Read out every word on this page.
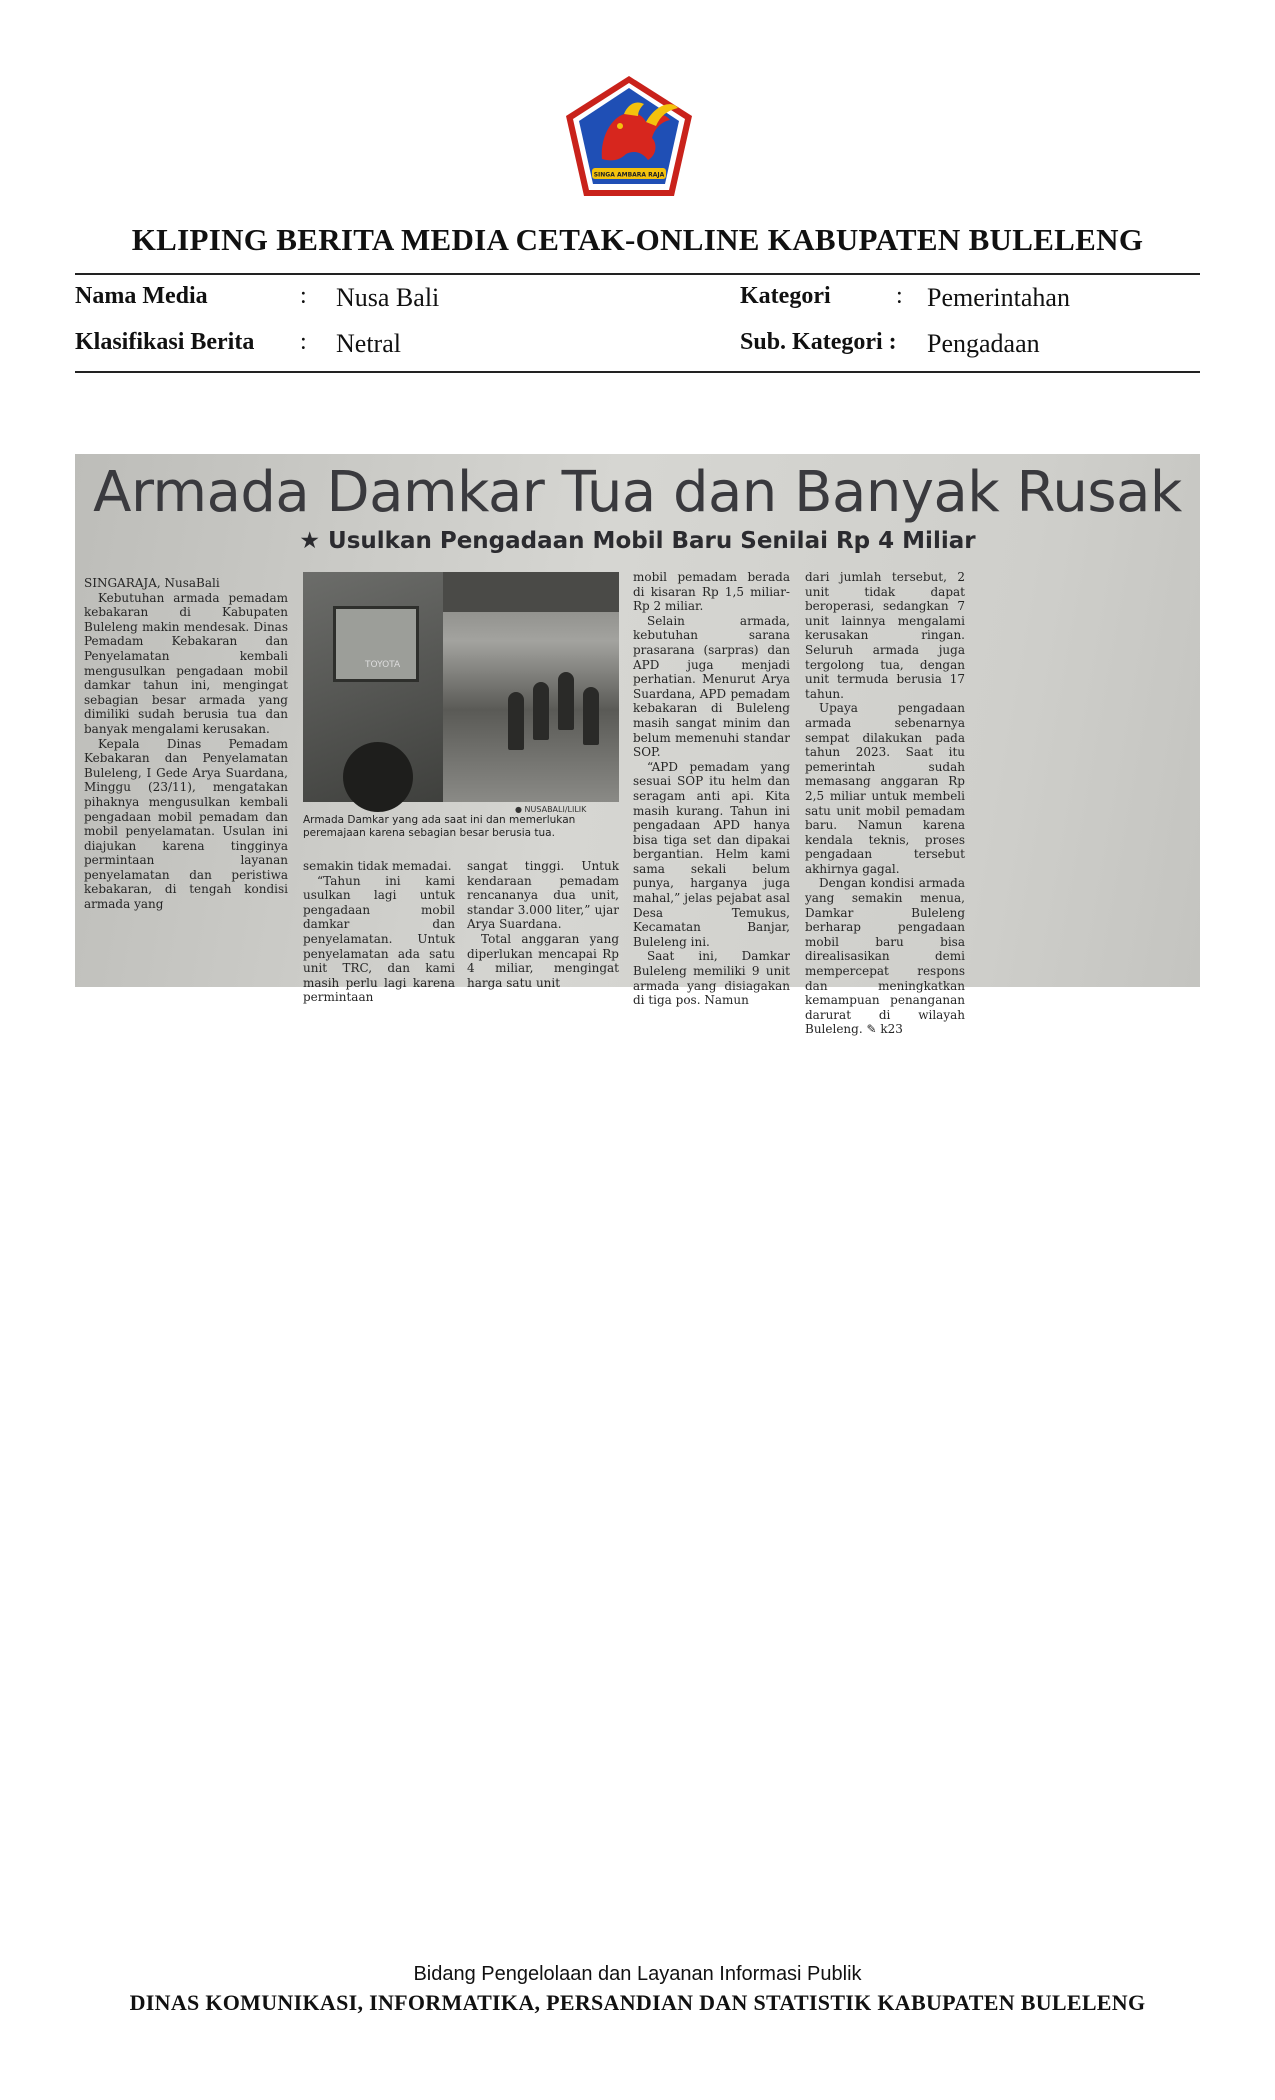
SINGA AMBARA RAJA
KLIPING BERITA MEDIA CETAK-ONLINE KABUPATEN BULELENG
Nama Media	: Nusa Bali	Kategori	: Pemerintahan
Klasifikasi Berita : Netral	Sub. Kategori : Pengadaan
Armada Damkar Tua dan Banyak Rusak
★ Usulkan Pengadaan Mobil Baru Senilai Rp 4 Miliar

SINGARAJA, NusaBali

Kebutuhan armada pemadam kebakaran di Kabupaten Buleleng makin mendesak. Dinas Pemadam Kebakaran dan Penyelamatan kembali mengusulkan pengadaan mobil damkar tahun ini, mengingat sebagian besar armada yang dimiliki sudah berusia tua dan banyak mengalami kerusakan.

Kepala Dinas Pemadam Kebakaran dan Penyelamatan Buleleng, I Gede Arya Suardana, Minggu (23/11), mengatakan pihaknya mengusulkan kembali pengadaan mobil pemadam dan mobil penyelamatan. Usulan ini diajukan karena tingginya permintaan layanan penyelamatan dan peristiwa kebakaran, di tengah kondisi armada yang

TOYOTA
● NUSABALI/LILIK
Armada Damkar yang ada saat ini dan memerlukan peremajaan karena sebagian besar berusia tua.

semakin tidak memadai.

“Tahun ini kami usulkan lagi untuk pengadaan mobil damkar dan penyelamatan. Untuk penyelamatan ada satu unit TRC, dan kami masih perlu lagi karena permintaan

sangat tinggi. Untuk kendaraan pemadam rencananya dua unit, standar 3.000 liter,” ujar Arya Suardana.

Total anggaran yang diperlukan mencapai Rp 4 miliar, mengingat harga satu unit

mobil pemadam berada di kisaran Rp 1,5 miliar-Rp 2 miliar.

Selain armada, kebutuhan sarana prasarana (sarpras) dan APD juga menjadi perhatian. Menurut Arya Suardana, APD pemadam kebakaran di Buleleng masih sangat minim dan belum memenuhi standar SOP.

“APD pemadam yang sesuai SOP itu helm dan seragam anti api. Kita masih kurang. Tahun ini pengadaan APD hanya bisa tiga set dan dipakai bergantian. Helm kami sama sekali belum punya, harganya juga mahal,” jelas pejabat asal Desa Temukus, Kecamatan Banjar, Buleleng ini.

Saat ini, Damkar Buleleng memiliki 9 unit armada yang disiagakan di tiga pos. Namun

dari jumlah tersebut, 2 unit tidak dapat beroperasi, sedangkan 7 unit lainnya mengalami kerusakan ringan. Seluruh armada juga tergolong tua, dengan unit termuda berusia 17 tahun.

Upaya pengadaan armada sebenarnya sempat dilakukan pada tahun 2023. Saat itu pemerintah sudah memasang anggaran Rp 2,5 miliar untuk membeli satu unit mobil pemadam baru. Namun karena kendala teknis, proses pengadaan tersebut akhirnya gagal.

Dengan kondisi armada yang semakin menua, Damkar Buleleng berharap pengadaan mobil baru bisa direalisasikan demi mempercepat respons dan meningkatkan kemampuan penanganan darurat di wilayah Buleleng. ✎ k23

Bidang Pengelolaan dan Layanan Informasi Publik
DINAS KOMUNIKASI, INFORMATIKA, PERSANDIAN DAN STATISTIK KABUPATEN BULELENG
